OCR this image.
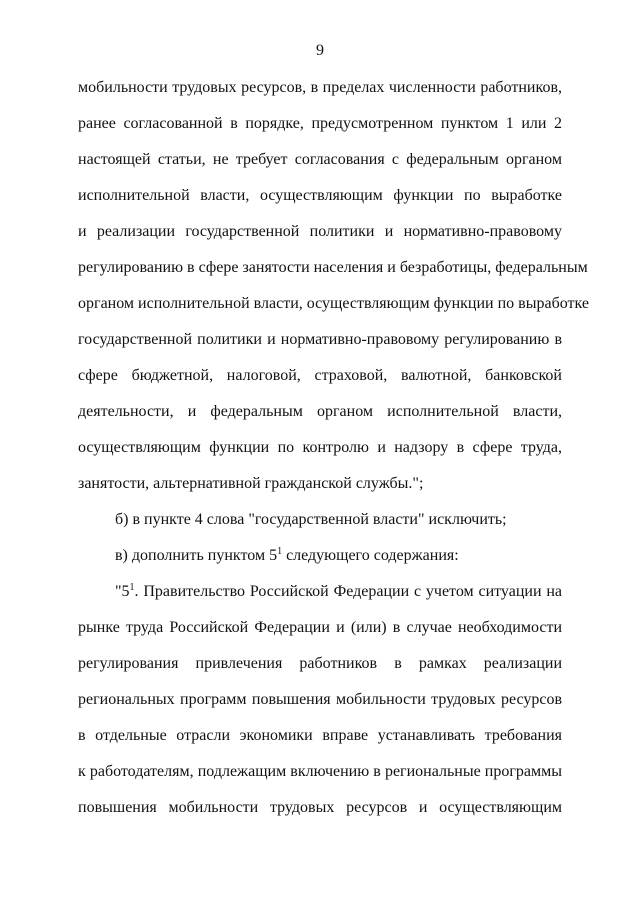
9
мобильности трудовых ресурсов, в пределах численности работников,
ранее согласованной в порядке, предусмотренном пунктом 1 или 2
настоящей статьи, не требует согласования с федеральным органом
исполнительной власти, осуществляющим функции по выработке
и реализации государственной политики и нормативно-правовому
регулированию в сфере занятости населения и безработицы, федеральным
органом исполнительной власти, осуществляющим функции по выработке
государственной политики и нормативно-правовому регулированию в
сфере бюджетной, налоговой, страховой, валютной, банковской
деятельности, и федеральным органом исполнительной власти,
осуществляющим функции по контролю и надзору в сфере труда,
занятости, альтернативной гражданской службы.";
б) в пункте 4 слова "государственной власти" исключить;
в) дополнить пунктом $5^1$ следующего содержания:
"$5^1$. Правительство Российской Федерации с учетом ситуации на
рынке труда Российской Федерации и (или) в случае необходимости
регулирования привлечения работников в рамках реализации
региональных программ повышения мобильности трудовых ресурсов
в отдельные отрасли экономики вправе устанавливать требования
к работодателям, подлежащим включению в региональные программы
повышения мобильности трудовых ресурсов и осуществляющим
